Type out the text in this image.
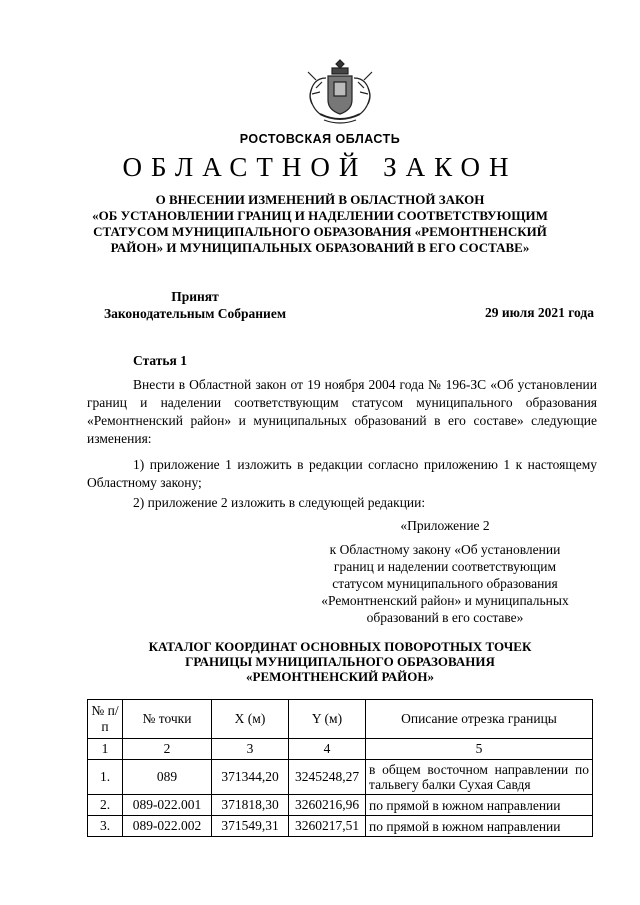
РОСТОВСКАЯ ОБЛАСТЬ
ОБЛАСТНОЙ ЗАКОН
О ВНЕСЕНИИ ИЗМЕНЕНИЙ В ОБЛАСТНОЙ ЗАКОН
«ОБ УСТАНОВЛЕНИИ ГРАНИЦ И НАДЕЛЕНИИ СООТВЕТСТВУЮЩИМ
СТАТУСОМ МУНИЦИПАЛЬНОГО ОБРАЗОВАНИЯ «РЕМОНТНЕНСКИЙ
РАЙОН» И МУНИЦИПАЛЬНЫХ ОБРАЗОВАНИЙ В ЕГО СОСТАВЕ»
Принят
Законодательным Собранием	29 июля 2021 года
Статья 1

Внести в Областной закон от 19 ноября 2004 года № 196-ЗС «Об установлении границ и наделении соответствующим статусом муниципального образования «Ремонтненский район» и муниципальных образований в его составе» следующие изменения:

1) приложение 1 изложить в редакции согласно приложению 1 к настоящему Областному закону;

2) приложение 2 изложить в следующей редакции:

«Приложение 2
к Областному закону «Об установлении
границ и наделении соответствующим
статусом муниципального образования
«Ремонтненский район» и муниципальных
образований в его составе»
КАТАЛОГ КООРДИНАТ ОСНОВНЫХ ПОВОРОТНЫХ ТОЧЕК
ГРАНИЦЫ МУНИЦИПАЛЬНОГО ОБРАЗОВАНИЯ
«РЕМОНТНЕНСКИЙ РАЙОН»
№ п/п	№ точки	X (м)	Y (м)	Описание отрезка границы
1	2	3	4	5
1.	089	371344,20	3245248,27	в общем восточном направлении по тальвегу балки Сухая Савдя
2.	089-022.001	371818,30	3260216,96	по прямой в южном направлении
3.	089-022.002	371549,31	3260217,51	по прямой в южном направлении
